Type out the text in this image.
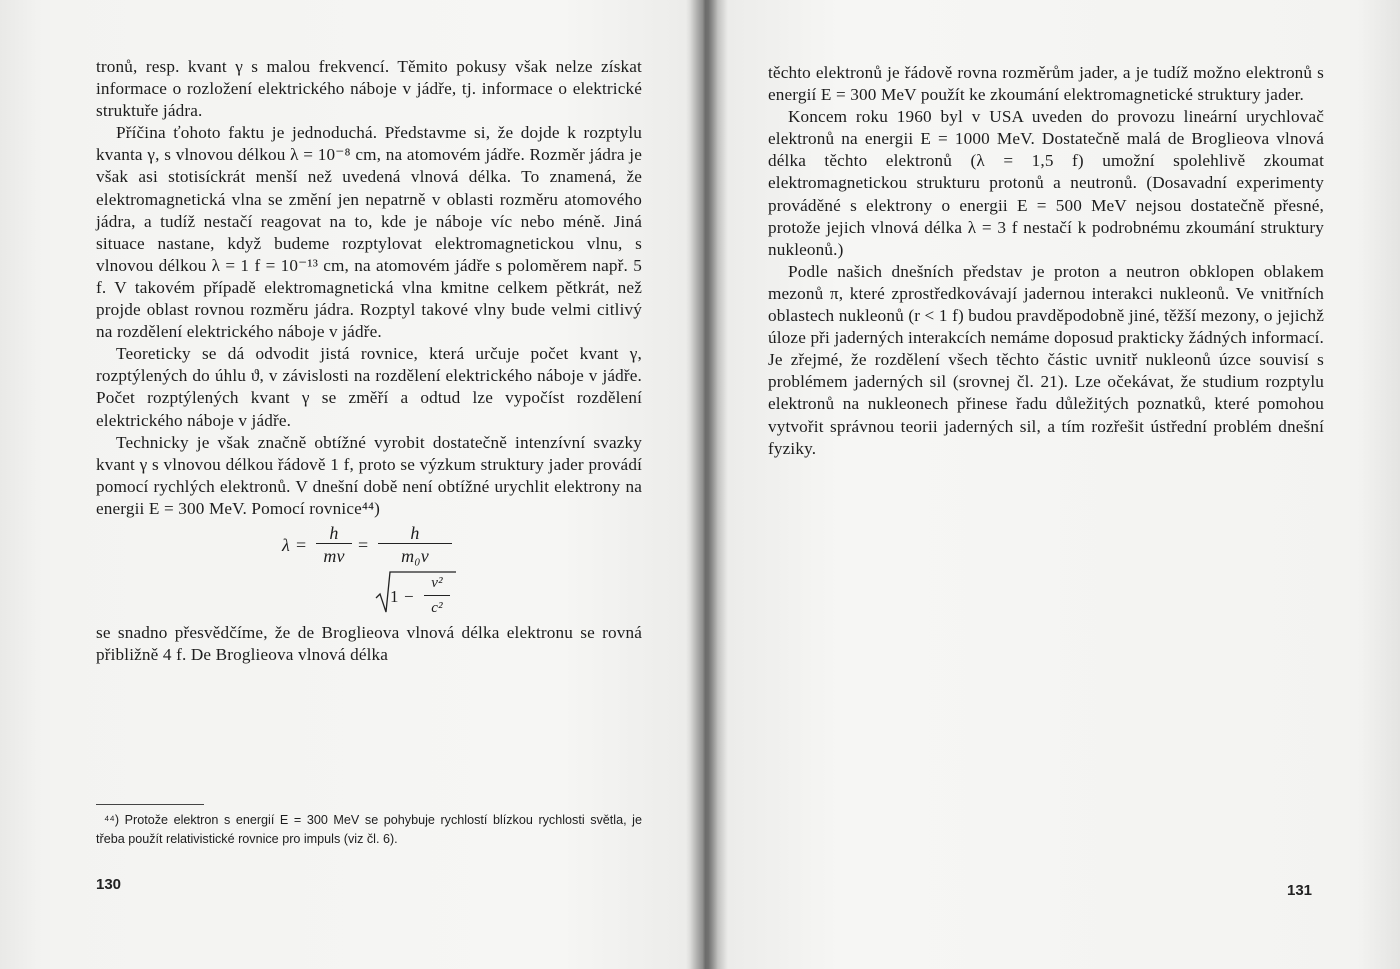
tronů, resp. kvant γ s malou frekvencí. Těmito pokusy však nelze získat informace o rozložení elektrického náboje v jádře, tj. informace o elektrické struktuře jádra.

Příčina ťohoto faktu je jednoduchá. Představme si, že dojde k rozptylu kvanta γ, s vlnovou délkou λ = 10⁻⁸ cm, na atomovém jádře. Rozměr jádra je však asi stotisíckrát menší než uvedená vlnová délka. To znamená, že elektromagnetická vlna se změní jen nepatrně v oblasti rozměru atomového jádra, a tudíž nestačí reagovat na to, kde je náboje víc nebo méně. Jiná situace nastane, když budeme rozptylovat elektromagnetickou vlnu, s vlnovou délkou λ = 1 f = 10⁻¹³ cm, na atomovém jádře s poloměrem např. 5 f. V takovém případě elektromagnetická vlna kmitne celkem pětkrát, než projde oblast rovnou rozměru jádra. Rozptyl takové vlny bude velmi citlivý na rozdělení elektrického náboje v jádře.

Teoreticky se dá odvodit jistá rovnice, která určuje počet kvant γ, rozptýlených do úhlu ϑ, v závislosti na rozdělení elektrického náboje v jádře. Počet rozptýlených kvant γ se změří a odtud lze vypočíst rozdělení elektrického náboje v jádře.

Technicky je však značně obtížné vyrobit dostatečně intenzívní svazky kvant γ s vlnovou délkou řádově 1 f, proto se výzkum struktury jader provádí pomocí rychlých elektronů. V dnešní době není obtížné urychlit elektrony na energii E = 300 MeV. Pomocí rovnice⁴⁴)

λ =
h
mv
=
h
m₀v
1 −
v²
c²

se snadno přesvědčíme, že de Broglieova vlnová délka elektronu se rovná přibližně 4 f. De Broglieova vlnová délka

⁴⁴) Protože elektron s energií E = 300 MeV se pohybuje rychlostí blízkou rychlosti světla, je třeba použít relativistické rovnice pro impuls (viz čl. 6).
130

těchto elektronů je řádově rovna rozměrům jader, a je tudíž možno elektronů s energií E = 300 MeV použít ke zkoumání elektromagnetické struktury jader.

Koncem roku 1960 byl v USA uveden do provozu lineární urychlovač elektronů na energii E = 1000 MeV. Dostatečně malá de Broglieova vlnová délka těchto elektronů (λ = 1,5 f) umožní spolehlivě zkoumat elektromagnetickou strukturu protonů a neutronů. (Dosavadní experimenty prováděné s elektrony o energii E = 500 MeV nejsou dostatečně přesné, protože jejich vlnová délka λ = 3 f nestačí k podrobnému zkoumání struktury nukleonů.)

Podle našich dnešních představ je proton a neutron obklopen oblakem mezonů π, které zprostředkovávají jadernou interakci nukleonů. Ve vnitřních oblastech nukleonů (r < 1 f) budou pravděpodobně jiné, těžší mezony, o jejichž úloze při jaderných interakcích nemáme doposud prakticky žádných informací. Je zřejmé, že rozdělení všech těchto částic uvnitř nukleonů úzce souvisí s problémem jaderných sil (srovnej čl. 21). Lze očekávat, že studium rozptylu elektronů na nukleonech přinese řadu důležitých poznatků, které pomohou vytvořit správnou teorii jaderných sil, a tím rozřešit ústřední problém dnešní fyziky.

131
